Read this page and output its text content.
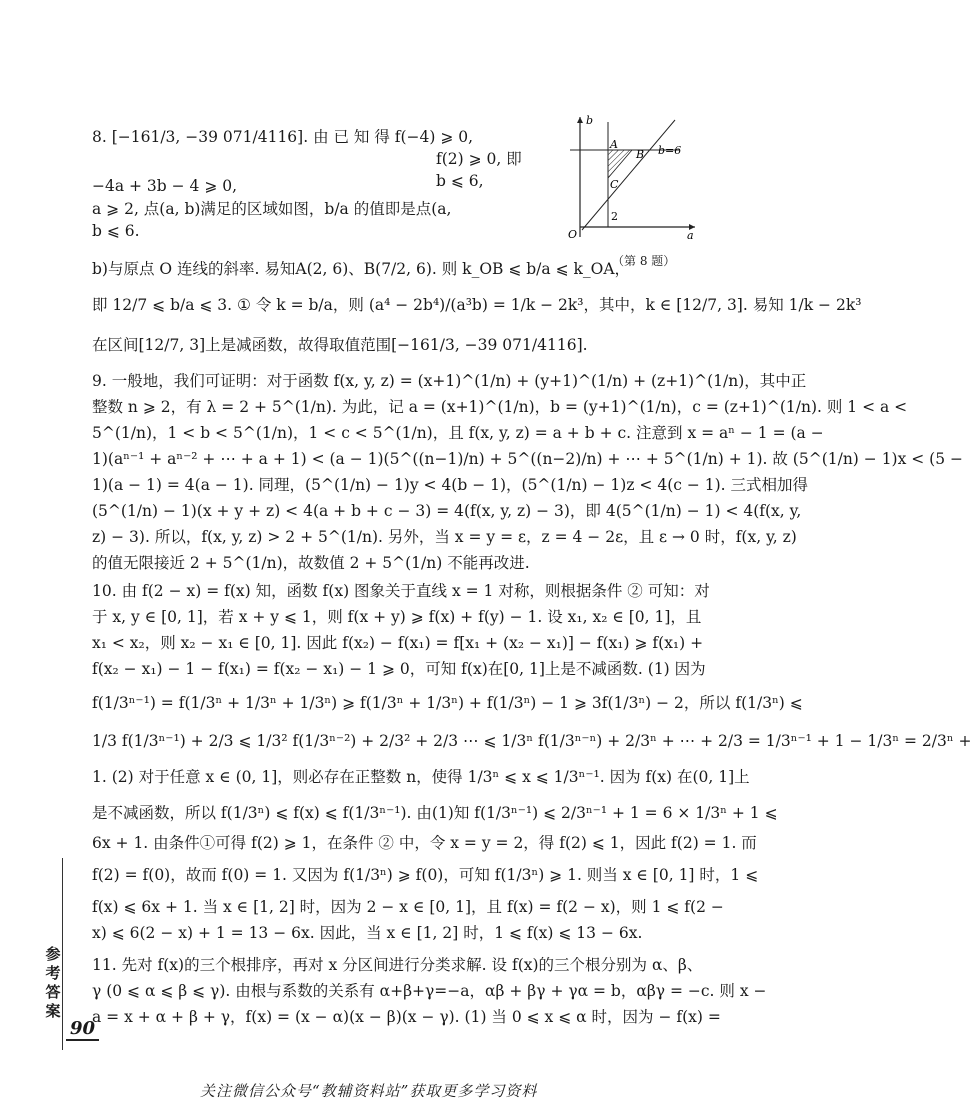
8. [−161/3, −39 071/4116]. 由 已 知 得 f(−4) ⩾ 0,
f(2) ⩾ 0, 即
b ⩽ 6,
−4a + 3b − 4 ⩾ 0,
a ⩾ 2, 点(a, b)满足的区域如图，b/a 的值即是点(a,
b ⩽ 6.
b)与原点 O 连线的斜率. 易知A(2, 6)、B(7/2, 6). 则 k_OB ⩽ b/a ⩽ k_OA，
即 12/7 ⩽ b/a ⩽ 3. ① 令 k = b/a，则 (a⁴ − 2b⁴)/(a³b) = 1/k − 2k³，其中，k ∈ [12/7, 3]. 易知 1/k − 2k³
在区间[12/7, 3]上是减函数，故得取值范围[−161/3, −39 071/4116].
b
b=6
A
B
C
O
2
a
（第 8 题）
9. 一般地，我们可证明：对于函数 f(x, y, z) = (x+1)^(1/n) + (y+1)^(1/n) + (z+1)^(1/n)，其中正
整数 n ⩾ 2，有 λ = 2 + 5^(1/n). 为此，记 a = (x+1)^(1/n)，b = (y+1)^(1/n)，c = (z+1)^(1/n). 则 1 < a <
5^(1/n)，1 < b < 5^(1/n)，1 < c < 5^(1/n)，且 f(x, y, z) = a + b + c. 注意到 x = aⁿ − 1 = (a −
1)(aⁿ⁻¹ + aⁿ⁻² + ⋯ + a + 1) < (a − 1)(5^((n−1)/n) + 5^((n−2)/n) + ⋯ + 5^(1/n) + 1). 故 (5^(1/n) − 1)x < (5 −
1)(a − 1) = 4(a − 1). 同理，(5^(1/n) − 1)y < 4(b − 1)，(5^(1/n) − 1)z < 4(c − 1). 三式相加得
(5^(1/n) − 1)(x + y + z) < 4(a + b + c − 3) = 4(f(x, y, z) − 3)，即 4(5^(1/n) − 1) < 4(f(x, y,
z) − 3). 所以，f(x, y, z) > 2 + 5^(1/n). 另外，当 x = y = ε，z = 4 − 2ε，且 ε → 0 时，f(x, y, z)
的值无限接近 2 + 5^(1/n)，故数值 2 + 5^(1/n) 不能再改进.
10. 由 f(2 − x) = f(x) 知，函数 f(x) 图象关于直线 x = 1 对称，则根据条件 ② 可知：对
于 x, y ∈ [0, 1]，若 x + y ⩽ 1，则 f(x + y) ⩾ f(x) + f(y) − 1. 设 x₁, x₂ ∈ [0, 1]，且
x₁ < x₂，则 x₂ − x₁ ∈ [0, 1]. 因此 f(x₂) − f(x₁) = f[x₁ + (x₂ − x₁)] − f(x₁) ⩾ f(x₁) +
f(x₂ − x₁) − 1 − f(x₁) = f(x₂ − x₁) − 1 ⩾ 0，可知 f(x)在[0, 1]上是不减函数. (1) 因为
f(1/3ⁿ⁻¹) = f(1/3ⁿ + 1/3ⁿ + 1/3ⁿ) ⩾ f(1/3ⁿ + 1/3ⁿ) + f(1/3ⁿ) − 1 ⩾ 3f(1/3ⁿ) − 2，所以 f(1/3ⁿ) ⩽
1/3 f(1/3ⁿ⁻¹) + 2/3 ⩽ 1/3² f(1/3ⁿ⁻²) + 2/3² + 2/3 ⋯ ⩽ 1/3ⁿ f(1/3ⁿ⁻ⁿ) + 2/3ⁿ + ⋯ + 2/3 = 1/3ⁿ⁻¹ + 1 − 1/3ⁿ = 2/3ⁿ +
1. (2) 对于任意 x ∈ (0, 1]，则必存在正整数 n，使得 1/3ⁿ ⩽ x ⩽ 1/3ⁿ⁻¹. 因为 f(x) 在(0, 1]上
是不减函数，所以 f(1/3ⁿ) ⩽ f(x) ⩽ f(1/3ⁿ⁻¹). 由(1)知 f(1/3ⁿ⁻¹) ⩽ 2/3ⁿ⁻¹ + 1 = 6 × 1/3ⁿ + 1 ⩽
6x + 1. 由条件①可得 f(2) ⩾ 1，在条件 ② 中，令 x = y = 2，得 f(2) ⩽ 1，因此 f(2) = 1. 而
f(2) = f(0)，故而 f(0) = 1. 又因为 f(1/3ⁿ) ⩾ f(0)，可知 f(1/3ⁿ) ⩾ 1. 则当 x ∈ [0, 1] 时，1 ⩽
f(x) ⩽ 6x + 1. 当 x ∈ [1, 2] 时，因为 2 − x ∈ [0, 1]，且 f(x) = f(2 − x)，则 1 ⩽ f(2 −
x) ⩽ 6(2 − x) + 1 = 13 − 6x. 因此，当 x ∈ [1, 2] 时，1 ⩽ f(x) ⩽ 13 − 6x.
11. 先对 f(x)的三个根排序，再对 x 分区间进行分类求解. 设 f(x)的三个根分别为 α、β、
γ (0 ⩽ α ⩽ β ⩽ γ). 由根与系数的关系有 α+β+γ=−a，αβ + βγ + γα = b，αβγ = −c. 则 x −
a = x + α + β + γ，f(x) = (x − α)(x − β)(x − γ). (1) 当 0 ⩽ x ⩽ α 时，因为 − f(x) =
参考答案
90
关注微信公众号“教辅资料站”获取更多学习资料
